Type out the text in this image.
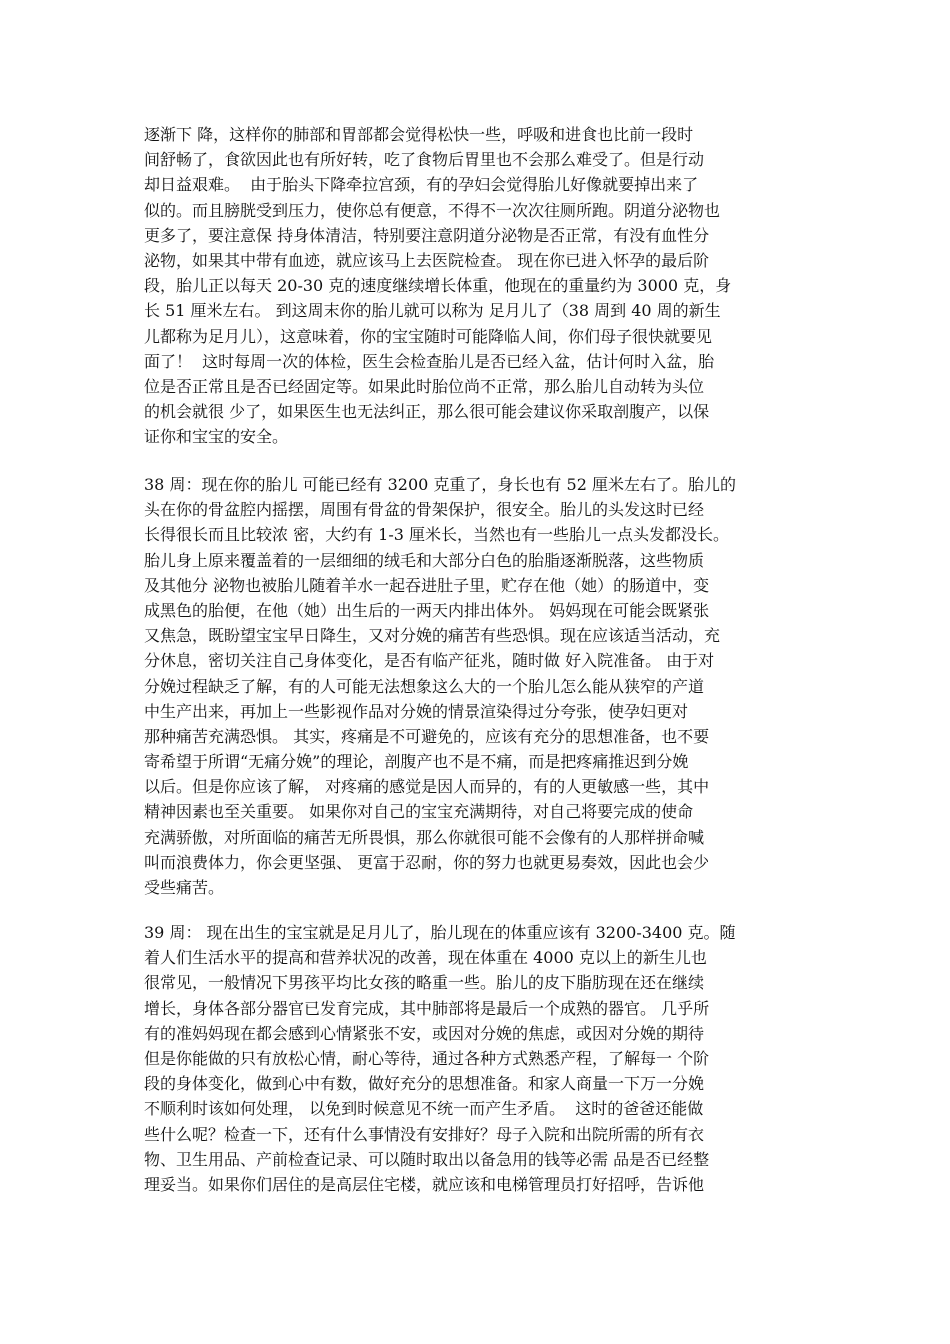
逐渐下 降，这样你的肺部和胃部都会觉得松快一些，呼吸和进食也比前一段时
间舒畅了，食欲因此也有所好转，吃了食物后胃里也不会那么难受了。但是行动
却日益艰难。  由于胎头下降牵拉宫颈，有的孕妇会觉得胎儿好像就要掉出来了
似的。而且膀胱受到压力，使你总有便意，不得不一次次往厕所跑。阴道分泌物也
更多了，要注意保 持身体清洁，特别要注意阴道分泌物是否正常，有没有血性分
泌物，如果其中带有血迹，就应该马上去医院检查。 现在你已进入怀孕的最后阶
段，胎儿正以每天 20-30 克的速度继续增长体重，他现在的重量约为 3000 克，身
长 51 厘米左右。 到这周末你的胎儿就可以称为 足月儿了（38 周到 40 周的新生
儿都称为足月儿），这意味着，你的宝宝随时可能降临人间，你们母子很快就要见
面了！  这时每周一次的体检，医生会检查胎儿是否已经入盆，估计何时入盆，胎
位是否正常且是否已经固定等。如果此时胎位尚不正常，那么胎儿自动转为头位
的机会就很 少了，如果医生也无法纠正，那么很可能会建议你采取剖腹产，以保
证你和宝宝的安全。
38 周：现在你的胎儿 可能已经有 3200 克重了，身长也有 52 厘米左右了。胎儿的
头在你的骨盆腔内摇摆，周围有骨盆的骨架保护，很安全。胎儿的头发这时已经
长得很长而且比较浓 密，大约有 1-3 厘米长，当然也有一些胎儿一点头发都没长。
胎儿身上原来覆盖着的一层细细的绒毛和大部分白色的胎脂逐渐脱落，这些物质
及其他分 泌物也被胎儿随着羊水一起吞进肚子里，贮存在他（她）的肠道中，变
成黑色的胎便，在他（她）出生后的一两天内排出体外。 妈妈现在可能会既紧张
又焦急，既盼望宝宝早日降生，又对分娩的痛苦有些恐惧。现在应该适当活动，充
分休息，密切关注自己身体变化，是否有临产征兆，随时做 好入院准备。 由于对
分娩过程缺乏了解，有的人可能无法想象这么大的一个胎儿怎么能从狭窄的产道
中生产出来，再加上一些影视作品对分娩的情景渲染得过分夸张，使孕妇更对
那种痛苦充满恐惧。 其实，疼痛是不可避免的，应该有充分的思想准备，也不要
寄希望于所谓“无痛分娩”的理论，剖腹产也不是不痛，而是把疼痛推迟到分娩
以后。但是你应该了解， 对疼痛的感觉是因人而异的，有的人更敏感一些，其中
精神因素也至关重要。 如果你对自己的宝宝充满期待，对自己将要完成的使命
充满骄傲，对所面临的痛苦无所畏惧，那么你就很可能不会像有的人那样拼命喊
叫而浪费体力，你会更坚强、 更富于忍耐，你的努力也就更易奏效，因此也会少
受些痛苦。
39 周： 现在出生的宝宝就是足月儿了，胎儿现在的体重应该有 3200-3400 克。随
着人们生活水平的提高和营养状况的改善，现在体重在 4000 克以上的新生儿也
很常见，一般情况下男孩平均比女孩的略重一些。胎儿的皮下脂肪现在还在继续
增长，身体各部分器官已发育完成，其中肺部将是最后一个成熟的器官。 几乎所
有的准妈妈现在都会感到心情紧张不安，或因对分娩的焦虑，或因对分娩的期待
但是你能做的只有放松心情，耐心等待，通过各种方式熟悉产程，了解每一 个阶
段的身体变化，做到心中有数，做好充分的思想准备。和家人商量一下万一分娩
不顺利时该如何处理， 以免到时候意见不统一而产生矛盾。  这时的爸爸还能做
些什么呢？检查一下，还有什么事情没有安排好？母子入院和出院所需的所有衣
物、卫生用品、产前检查记录、可以随时取出以备急用的钱等必需 品是否已经整
理妥当。如果你们居住的是高层住宅楼，就应该和电梯管理员打好招呼，告诉他
